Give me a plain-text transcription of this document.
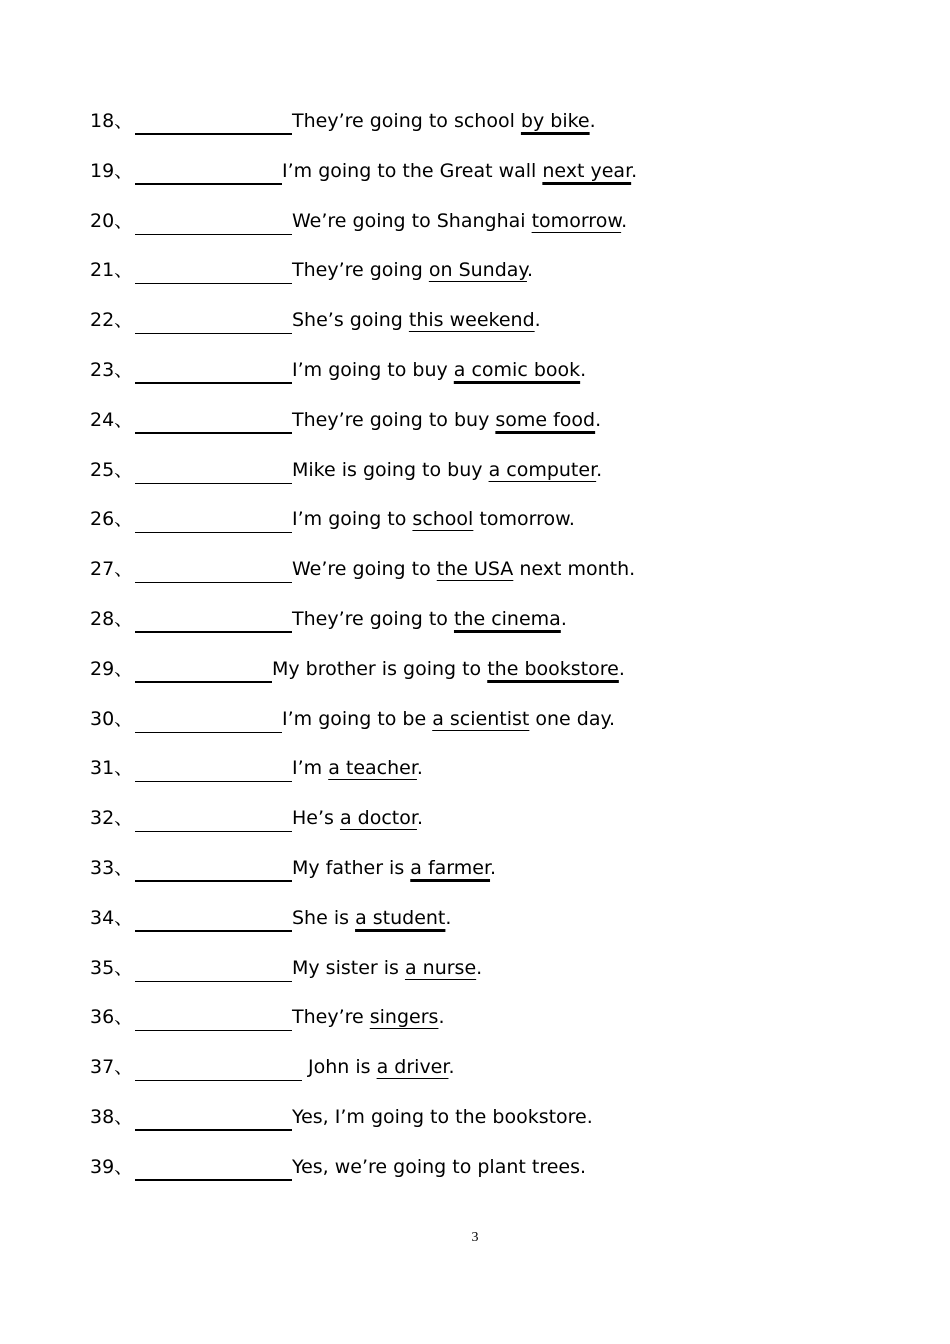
18、	They’re going to school by bike.
19、	I’m going to the Great wall next year.
20、	We’re going to Shanghai tomorrow.
21、	They’re going on Sunday.
22、	She’s going this weekend.
23、	I’m going to buy a comic book.
24、	They’re going to buy some food.
25、	Mike is going to buy a computer.
26、	I’m going to school tomorrow.
27、	We’re going to the USA next month.
28、	They’re going to the cinema.
29、	My brother is going to the bookstore.
30、	I’m going to be a scientist one day.
31、	I’m a teacher.
32、	He’s a doctor.
33、	My father is a farmer.
34、	She is a student.
35、	My sister is a nurse.
36、	They’re singers.
37、	John is a driver.
38、	Yes, I’m going to the bookstore.
39、	Yes, we’re going to plant trees.
3
